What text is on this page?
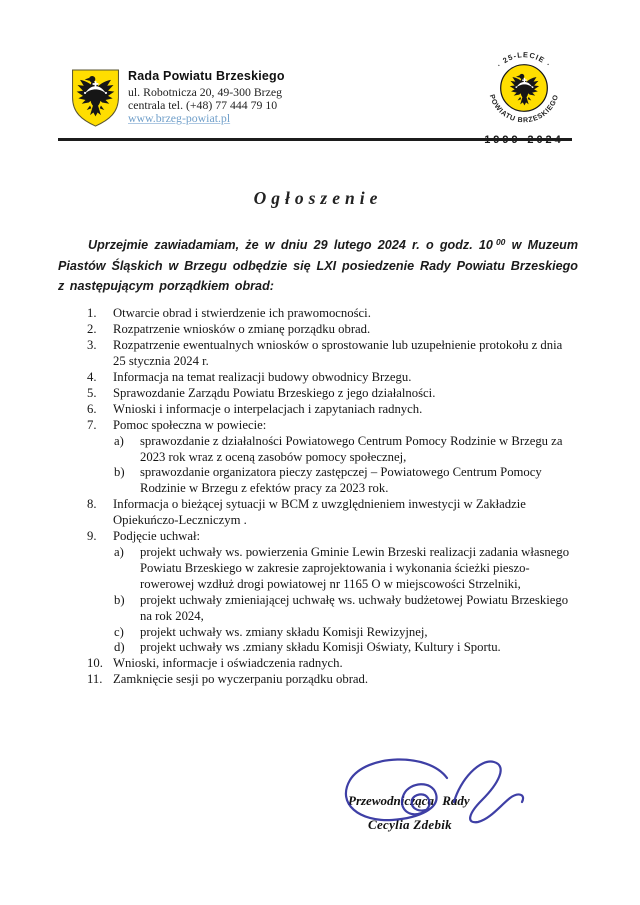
Rada Powiatu Brzeskiego
ul. Robotnicza 20, 49-300 Brzeg
centrala tel. (+48) 77 444 79 10
www.brzeg-powiat.pl
· 25-LECIE ·
POWIATU BRZESKIEGO
Ogłoszenie

Uprzejmie zawiadamiam, że w dniu 29 lutego 2024 r. o godz. 10 $^{00}$ w Muzeum Piastów Śląskich w Brzegu odbędzie się LXI posiedzenie Rady Powiatu Brzeskiego z następującym porządkiem obrad:

1.	Otwarcie obrad i stwierdzenie ich prawomocności.
2.	Rozpatrzenie wniosków o zmianę porządku obrad.
3.	Rozpatrzenie ewentualnych wniosków o sprostowanie lub uzupełnienie protokołu z dnia 25 stycznia 2024 r.
4.	Informacja na temat realizacji budowy obwodnicy Brzegu.
5.	Sprawozdanie Zarządu Powiatu Brzeskiego z jego działalności.
6.	Wnioski i informacje o interpelacjach i zapytaniach radnych.
7.	Pomoc społeczna w powiecie:
a)	sprawozdanie z działalności Powiatowego Centrum Pomocy Rodzinie w Brzegu za 2023 rok wraz z oceną zasobów pomocy społecznej,
b)	sprawozdanie organizatora pieczy zastępczej – Powiatowego Centrum Pomocy Rodzinie w Brzegu z efektów pracy za 2023 rok.
8.	Informacja o bieżącej sytuacji w BCM z uwzględnieniem inwestycji w Zakładzie Opiekuńczo-Leczniczym .
9.	Podjęcie uchwał:
a)	projekt uchwały ws. powierzenia Gminie Lewin Brzeski realizacji zadania własnego Powiatu Brzeskiego w zakresie zaprojektowania i wykonania ścieżki pieszo-rowerowej wzdłuż drogi powiatowej nr 1165 O w miejscowości Strzelniki,
b)	projekt uchwały zmieniającej uchwałę ws. uchwały budżetowej Powiatu Brzeskiego na rok 2024,
c)	projekt uchwały ws. zmiany składu Komisji Rewizyjnej,
d)	projekt uchwały ws .zmiany składu Komisji Oświaty, Kultury i Sportu.
10. Wnioski, informacje i oświadczenia radnych.
11. Zamknięcie sesji po wyczerpaniu porządku obrad.
Przewodnicząca Rady
Cecylia Zdebik
